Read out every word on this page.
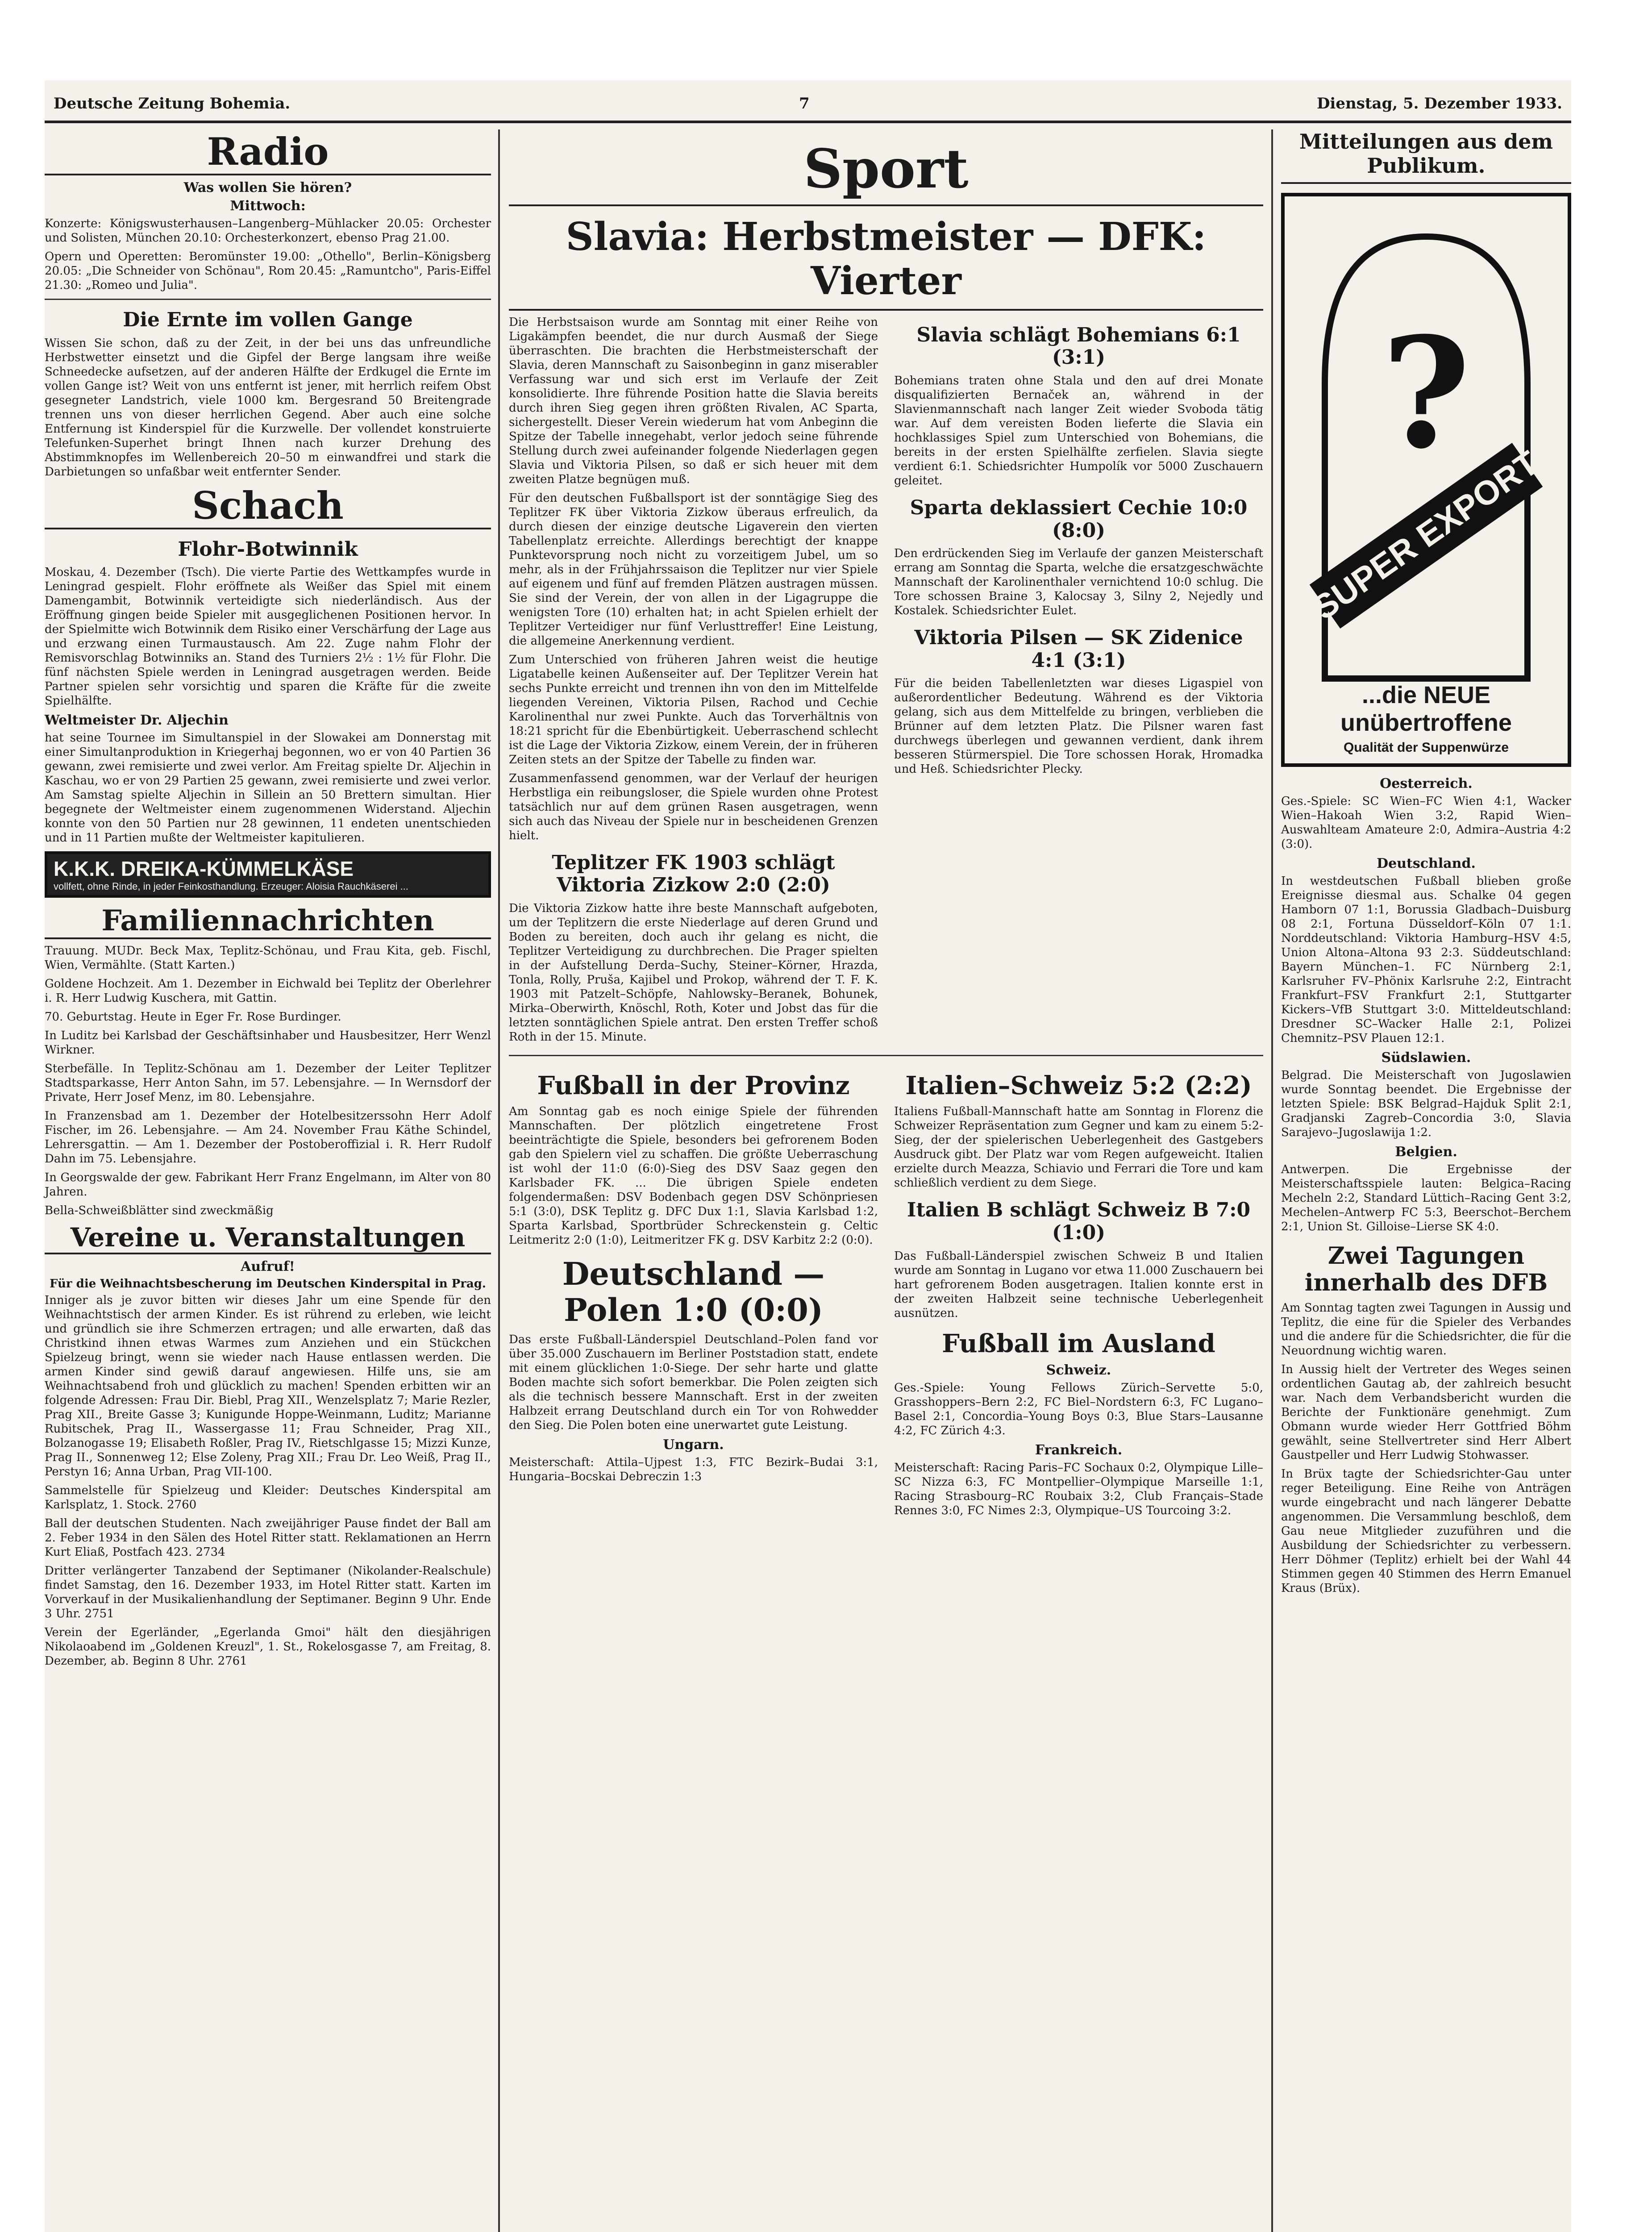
Deutsche Zeitung Bohemia.	7	Dienstag, 5. Dezember 1933.
Radio
Was wollen Sie hören?
Mittwoch:

Konzerte: Königswusterhausen–Langenberg–Mühlacker 20.05: Orchester und Solisten, München 20.10: Orchesterkonzert, ebenso Prag 21.00.

Opern und Operetten: Beromünster 19.00: „Othello", Berlin–Königsberg 20.05: „Die Schneider von Schönau", Rom 20.45: „Ramuntcho", Paris-Eiffel 21.30: „Romeo und Julia".

Die Ernte im vollen Gange

Wissen Sie schon, daß zu der Zeit, in der bei uns das unfreundliche Herbstwetter einsetzt und die Gipfel der Berge langsam ihre weiße Schneedecke aufsetzen, auf der anderen Hälfte der Erdkugel die Ernte im vollen Gange ist? Weit von uns entfernt ist jener, mit herrlich reifem Obst gesegneter Landstrich, viele 1000 km. Bergesrand 50 Breitengrade trennen uns von dieser herrlichen Gegend. Aber auch eine solche Entfernung ist Kinderspiel für die Kurzwelle. Der vollendet konstruierte Telefunken-Superhet bringt Ihnen nach kurzer Drehung des Abstimmknopfes im Wellenbereich 20–50 m einwandfrei und stark die Darbietungen so unfaßbar weit entfernter Sender.

Schach
Flohr-Botwinnik

Moskau, 4. Dezember (Tsch). Die vierte Partie des Wettkampfes wurde in Leningrad gespielt. Flohr eröffnete als Weißer das Spiel mit einem Damengambit, Botwinnik verteidigte sich niederländisch. Aus der Eröffnung gingen beide Spieler mit ausgeglichenen Positionen hervor. In der Spielmitte wich Botwinnik dem Risiko einer Verschärfung der Lage aus und erzwang einen Turmaustausch. Am 22. Zuge nahm Flohr der Remisvorschlag Botwinniks an. Stand des Turniers 2½ : 1½ für Flohr. Die fünf nächsten Spiele werden in Leningrad ausgetragen werden. Beide Partner spielen sehr vorsichtig und sparen die Kräfte für die zweite Spielhälfte.

Weltmeister Dr. Aljechin

hat seine Tournee im Simultanspiel in der Slowakei am Donnerstag mit einer Simultanproduktion in Kriegerhaj begonnen, wo er von 40 Partien 36 gewann, zwei remisierte und zwei verlor. Am Freitag spielte Dr. Aljechin in Kaschau, wo er von 29 Partien 25 gewann, zwei remisierte und zwei verlor. Am Samstag spielte Aljechin in Sillein an 50 Brettern simultan. Hier begegnete der Weltmeister einem zugenommenen Widerstand. Aljechin konnte von den 50 Partien nur 28 gewinnen, 11 endeten unentschieden und in 11 Partien mußte der Weltmeister kapitulieren.

K.K.K. DREIKA-KÜMMELKÄSE
vollfett, ohne Rinde, in jeder Feinkosthandlung. Erzeuger: Aloisia Rauchkäserei ...
Familiennachrichten

Trauung. MUDr. Beck Max, Teplitz-Schönau, und Frau Kita, geb. Fischl, Wien, Vermählte. (Statt Karten.)

Goldene Hochzeit. Am 1. Dezember in Eichwald bei Teplitz der Oberlehrer i. R. Herr Ludwig Kuschera, mit Gattin.

70. Geburtstag. Heute in Eger Fr. Rose Burdinger.

In Luditz bei Karlsbad der Geschäftsinhaber und Hausbesitzer, Herr Wenzl Wirkner.

Sterbefälle. In Teplitz-Schönau am 1. Dezember der Leiter Teplitzer Stadtsparkasse, Herr Anton Sahn, im 57. Lebensjahre. — In Wernsdorf der Private, Herr Josef Menz, im 80. Lebensjahre.

In Franzensbad am 1. Dezember der Hotelbesitzerssohn Herr Adolf Fischer, im 26. Lebensjahre. — Am 24. November Frau Käthe Schindel, Lehrersgattin. — Am 1. Dezember der Postoberoffizial i. R. Herr Rudolf Dahn im 75. Lebensjahre.

In Georgswalde der gew. Fabrikant Herr Franz Engelmann, im Alter von 80 Jahren.

Bella-Schweißblätter sind zweckmäßig

Vereine u. Veranstaltungen
Aufruf!
Für die Weihnachtsbescherung im Deutschen Kinderspital in Prag.

Inniger als je zuvor bitten wir dieses Jahr um eine Spende für den Weihnachtstisch der armen Kinder. Es ist rührend zu erleben, wie leicht und gründlich sie ihre Schmerzen ertragen; und alle erwarten, daß das Christkind ihnen etwas Warmes zum Anziehen und ein Stückchen Spielzeug bringt, wenn sie wieder nach Hause entlassen werden. Die armen Kinder sind gewiß darauf angewiesen. Hilfe uns, sie am Weihnachtsabend froh und glücklich zu machen! Spenden erbitten wir an folgende Adressen: Frau Dir. Biebl, Prag XII., Wenzelsplatz 7; Marie Rezler, Prag XII., Breite Gasse 3; Kunigunde Hoppe-Weinmann, Luditz; Marianne Rubitschek, Prag II., Wassergasse 11; Frau Schneider, Prag XII., Bolzanogasse 19; Elisabeth Roßler, Prag IV., Rietschlgasse 15; Mizzi Kunze, Prag II., Sonnenweg 12; Else Zoleny, Prag XII.; Frau Dr. Leo Weiß, Prag II., Perstyn 16; Anna Urban, Prag VII-100.

Sammelstelle für Spielzeug und Kleider: Deutsches Kinderspital am Karlsplatz, 1. Stock. 2760

Ball der deutschen Studenten. Nach zweijähriger Pause findet der Ball am 2. Feber 1934 in den Sälen des Hotel Ritter statt. Reklamationen an Herrn Kurt Eliaß, Postfach 423. 2734

Dritter verlängerter Tanzabend der Septimaner (Nikolander-Realschule) findet Samstag, den 16. Dezember 1933, im Hotel Ritter statt. Karten im Vorverkauf in der Musikalienhandlung der Septimaner. Beginn 9 Uhr. Ende 3 Uhr. 2751

Verein der Egerländer, „Egerlanda Gmoi" hält den diesjährigen Nikolaoabend im „Goldenen Kreuzl", 1. St., Rokelosgasse 7, am Freitag, 8. Dezember, ab. Beginn 8 Uhr. 2761

Sport
Slavia: Herbstmeister — DFK: Vierter

Die Herbstsaison wurde am Sonntag mit einer Reihe von Ligakämpfen beendet, die nur durch Ausmaß der Siege überraschten. Die brachten die Herbstmeisterschaft der Slavia, deren Mannschaft zu Saisonbeginn in ganz miserabler Verfassung war und sich erst im Verlaufe der Zeit konsolidierte. Ihre führende Position hatte die Slavia bereits durch ihren Sieg gegen ihren größten Rivalen, AC Sparta, sichergestellt. Dieser Verein wiederum hat vom Anbeginn die Spitze der Tabelle innegehabt, verlor jedoch seine führende Stellung durch zwei aufeinander folgende Niederlagen gegen Slavia und Viktoria Pilsen, so daß er sich heuer mit dem zweiten Platze begnügen muß.

Für den deutschen Fußballsport ist der sonntägige Sieg des Teplitzer FK über Viktoria Zizkow überaus erfreulich, da durch diesen der einzige deutsche Ligaverein den vierten Tabellenplatz erreichte. Allerdings berechtigt der knappe Punktevorsprung noch nicht zu vorzeitigem Jubel, um so mehr, als in der Frühjahrssaison die Teplitzer nur vier Spiele auf eigenem und fünf auf fremden Plätzen austragen müssen. Sie sind der Verein, der von allen in der Ligagruppe die wenigsten Tore (10) erhalten hat; in acht Spielen erhielt der Teplitzer Verteidiger nur fünf Verlusttreffer! Eine Leistung, die allgemeine Anerkennung verdient.

Zum Unterschied von früheren Jahren weist die heutige Ligatabelle keinen Außenseiter auf. Der Teplitzer Verein hat sechs Punkte erreicht und trennen ihn von den im Mittelfelde liegenden Vereinen, Viktoria Pilsen, Rachod und Cechie Karolinenthal nur zwei Punkte. Auch das Torverhältnis von 18:21 spricht für die Ebenbürtigkeit. Ueberraschend schlecht ist die Lage der Viktoria Zizkow, einem Verein, der in früheren Zeiten stets an der Spitze der Tabelle zu finden war.

Zusammenfassend genommen, war der Verlauf der heurigen Herbstliga ein reibungsloser, die Spiele wurden ohne Protest tatsächlich nur auf dem grünen Rasen ausgetragen, wenn sich auch das Niveau der Spiele nur in bescheidenen Grenzen hielt.

Teplitzer FK 1903 schlägt Viktoria Zizkow 2:0 (2:0)

Die Viktoria Zizkow hatte ihre beste Mannschaft aufgeboten, um der Teplitzern die erste Niederlage auf deren Grund und Boden zu bereiten, doch auch ihr gelang es nicht, die Teplitzer Verteidigung zu durchbrechen. Die Prager spielten in der Aufstellung Derda–Suchy, Steiner–Körner, Hrazda, Tonla, Rolly, Pruša, Kajibel und Prokop, während der T. F. K. 1903 mit Patzelt–Schöpfe, Nahlowsky–Beranek, Bohunek, Mirka–Oberwirth, Knöschl, Roth, Koter und Jobst das für die letzten sonntäglichen Spiele antrat. Den ersten Treffer schoß Roth in der 15. Minute.

Slavia schlägt Bohemians 6:1 (3:1)

Bohemians traten ohne Stala und den auf drei Monate disqualifizierten Bernaček an, während in der Slavienmannschaft nach langer Zeit wieder Svoboda tätig war. Auf dem vereisten Boden lieferte die Slavia ein hochklassiges Spiel zum Unterschied von Bohemians, die bereits in der ersten Spielhälfte zerfielen. Slavia siegte verdient 6:1. Schiedsrichter Humpolík vor 5000 Zuschauern geleitet.

Sparta deklassiert Cechie 10:0 (8:0)

Den erdrückenden Sieg im Verlaufe der ganzen Meisterschaft errang am Sonntag die Sparta, welche die ersatzgeschwächte Mannschaft der Karolinenthaler vernichtend 10:0 schlug. Die Tore schossen Braine 3, Kalocsay 3, Silny 2, Nejedly und Kostalek. Schiedsrichter Eulet.

Viktoria Pilsen — SK Zidenice 4:1 (3:1)

Für die beiden Tabellenletzten war dieses Ligaspiel von außerordentlicher Bedeutung. Während es der Viktoria gelang, sich aus dem Mittelfelde zu bringen, verblieben die Brünner auf dem letzten Platz. Die Pilsner waren fast durchwegs überlegen und gewannen verdient, dank ihrem besseren Stürmerspiel. Die Tore schossen Horak, Hromadka und Heß. Schiedsrichter Plecky.

Fußball in der Provinz

Am Sonntag gab es noch einige Spiele der führenden Mannschaften. Der plötzlich eingetretene Frost beeinträchtigte die Spiele, besonders bei gefrorenem Boden gab den Spielern viel zu schaffen. Die größte Ueberraschung ist wohl der 11:0 (6:0)-Sieg des DSV Saaz gegen den Karlsbader FK. ... Die übrigen Spiele endeten folgendermaßen: DSV Bodenbach gegen DSV Schönpriesen 5:1 (3:0), DSK Teplitz g. DFC Dux 1:1, Slavia Karlsbad 1:2, Sparta Karlsbad, Sportbrüder Schreckenstein g. Celtic Leitmeritz 2:0 (1:0), Leitmeritzer FK g. DSV Karbitz 2:2 (0:0).

Deutschland — Polen 1:0 (0:0)

Das erste Fußball-Länderspiel Deutschland–Polen fand vor über 35.000 Zuschauern im Berliner Poststadion statt, endete mit einem glücklichen 1:0-Siege. Der sehr harte und glatte Boden machte sich sofort bemerkbar. Die Polen zeigten sich als die technisch bessere Mannschaft. Erst in der zweiten Halbzeit errang Deutschland durch ein Tor von Rohwedder den Sieg. Die Polen boten eine unerwartet gute Leistung.

Ungarn.

Meisterschaft: Attila–Ujpest 1:3, FTC Bezirk–Budai 3:1, Hungaria–Bocskai Debreczin 1:3

Italien–Schweiz 5:2 (2:2)

Italiens Fußball-Mannschaft hatte am Sonntag in Florenz die Schweizer Repräsentation zum Gegner und kam zu einem 5:2-Sieg, der der spielerischen Ueberlegenheit des Gastgebers Ausdruck gibt. Der Platz war vom Regen aufgeweicht. Italien erzielte durch Meazza, Schiavio und Ferrari die Tore und kam schließlich verdient zu dem Siege.

Italien B schlägt Schweiz B 7:0 (1:0)

Das Fußball-Länderspiel zwischen Schweiz B und Italien wurde am Sonntag in Lugano vor etwa 11.000 Zuschauern bei hart gefrorenem Boden ausgetragen. Italien konnte erst in der zweiten Halbzeit seine technische Ueberlegenheit ausnützen.

Fußball im Ausland
Schweiz.

Ges.-Spiele: Young Fellows Zürich–Servette 5:0, Grasshoppers–Bern 2:2, FC Biel–Nordstern 6:3, FC Lugano–Basel 2:1, Concordia–Young Boys 0:3, Blue Stars–Lausanne 4:2, FC Zürich 4:3.

Frankreich.

Meisterschaft: Racing Paris–FC Sochaux 0:2, Olympique Lille–SC Nizza 6:3, FC Montpellier–Olympique Marseille 1:1, Racing Strasbourg–RC Roubaix 3:2, Club Français–Stade Rennes 3:0, FC Nimes 2:3, Olympique–US Tourcoing 3:2.

Mitteilungen aus dem Publikum.
?
SUPER EXPORT
...die NEUE unübertroffene
Qualität der Suppenwürze
Oesterreich.

Ges.-Spiele: SC Wien–FC Wien 4:1, Wacker Wien–Hakoah Wien 3:2, Rapid Wien–Auswahlteam Amateure 2:0, Admira–Austria 4:2 (3:0).

Deutschland.

In westdeutschen Fußball blieben große Ereignisse diesmal aus. Schalke 04 gegen Hamborn 07 1:1, Borussia Gladbach–Duisburg 08 2:1, Fortuna Düsseldorf–Köln 07 1:1. Norddeutschland: Viktoria Hamburg–HSV 4:5, Union Altona–Altona 93 2:3. Süddeutschland: Bayern München–1. FC Nürnberg 2:1, Karlsruher FV–Phönix Karlsruhe 2:2, Eintracht Frankfurt–FSV Frankfurt 2:1, Stuttgarter Kickers–VfB Stuttgart 3:0. Mitteldeutschland: Dresdner SC–Wacker Halle 2:1, Polizei Chemnitz–PSV Plauen 12:1.

Südslawien.

Belgrad. Die Meisterschaft von Jugoslawien wurde Sonntag beendet. Die Ergebnisse der letzten Spiele: BSK Belgrad–Hajduk Split 2:1, Gradjanski Zagreb–Concordia 3:0, Slavia Sarajevo–Jugoslawija 1:2.

Belgien.

Antwerpen. Die Ergebnisse der Meisterschaftsspiele lauten: Belgica–Racing Mecheln 2:2, Standard Lüttich–Racing Gent 3:2, Mechelen–Antwerp FC 5:3, Beerschot–Berchem 2:1, Union St. Gilloise–Lierse SK 4:0.

Zwei Tagungen innerhalb des DFB

Am Sonntag tagten zwei Tagungen in Aussig und Teplitz, die eine für die Spieler des Verbandes und die andere für die Schiedsrichter, die für die Neuordnung wichtig waren.

In Aussig hielt der Vertreter des Weges seinen ordentlichen Gautag ab, der zahlreich besucht war. Nach dem Verbandsbericht wurden die Berichte der Funktionäre genehmigt. Zum Obmann wurde wieder Herr Gottfried Böhm gewählt, seine Stellvertreter sind Herr Albert Gaustpeller und Herr Ludwig Stohwasser.

In Brüx tagte der Schiedsrichter-Gau unter reger Beteiligung. Eine Reihe von Anträgen wurde eingebracht und nach längerer Debatte angenommen. Die Versammlung beschloß, dem Gau neue Mitglieder zuzuführen und die Ausbildung der Schiedsrichter zu verbessern. Herr Döhmer (Teplitz) erhielt bei der Wahl 44 Stimmen gegen 40 Stimmen des Herrn Emanuel Kraus (Brüx).
